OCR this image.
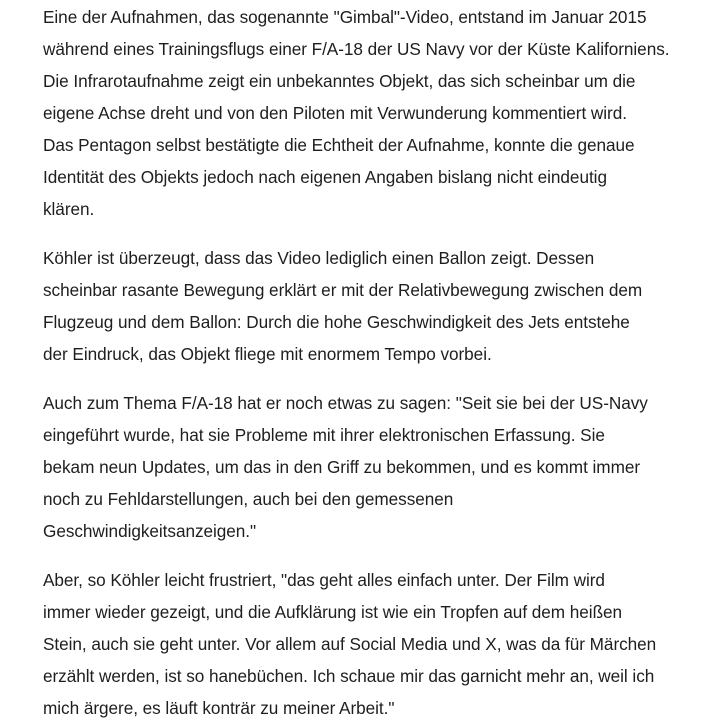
Eine der Aufnahmen, das sogenannte "Gimbal"-Video, entstand im Januar 2015
während eines Trainingsflugs einer F/A-18 der US Navy vor der Küste Kaliforniens.
Die Infrarotaufnahme zeigt ein unbekanntes Objekt, das sich scheinbar um die
eigene Achse dreht und von den Piloten mit Verwunderung kommentiert wird.
Das Pentagon selbst bestätigte die Echtheit der Aufnahme, konnte die genaue
Identität des Objekts jedoch nach eigenen Angaben bislang nicht eindeutig
klären.

Köhler ist überzeugt, dass das Video lediglich einen Ballon zeigt. Dessen
scheinbar rasante Bewegung erklärt er mit der Relativbewegung zwischen dem
Flugzeug und dem Ballon: Durch die hohe Geschwindigkeit des Jets entstehe
der Eindruck, das Objekt fliege mit enormem Tempo vorbei.

Auch zum Thema F/A-18 hat er noch etwas zu sagen: "Seit sie bei der US-Navy
eingeführt wurde, hat sie Probleme mit ihrer elektronischen Erfassung. Sie
bekam neun Updates, um das in den Griff zu bekommen, und es kommt immer
noch zu Fehldarstellungen, auch bei den gemessenen
Geschwindigkeitsanzeigen."

Aber, so Köhler leicht frustriert, "das geht alles einfach unter. Der Film wird
immer wieder gezeigt, und die Aufklärung ist wie ein Tropfen auf dem heißen
Stein, auch sie geht unter. Vor allem auf Social Media und X, was da für Märchen
erzählt werden, ist so hanebüchen. Ich schaue mir das garnicht mehr an, weil ich
mich ärgere, es läuft konträr zu meiner Arbeit."
